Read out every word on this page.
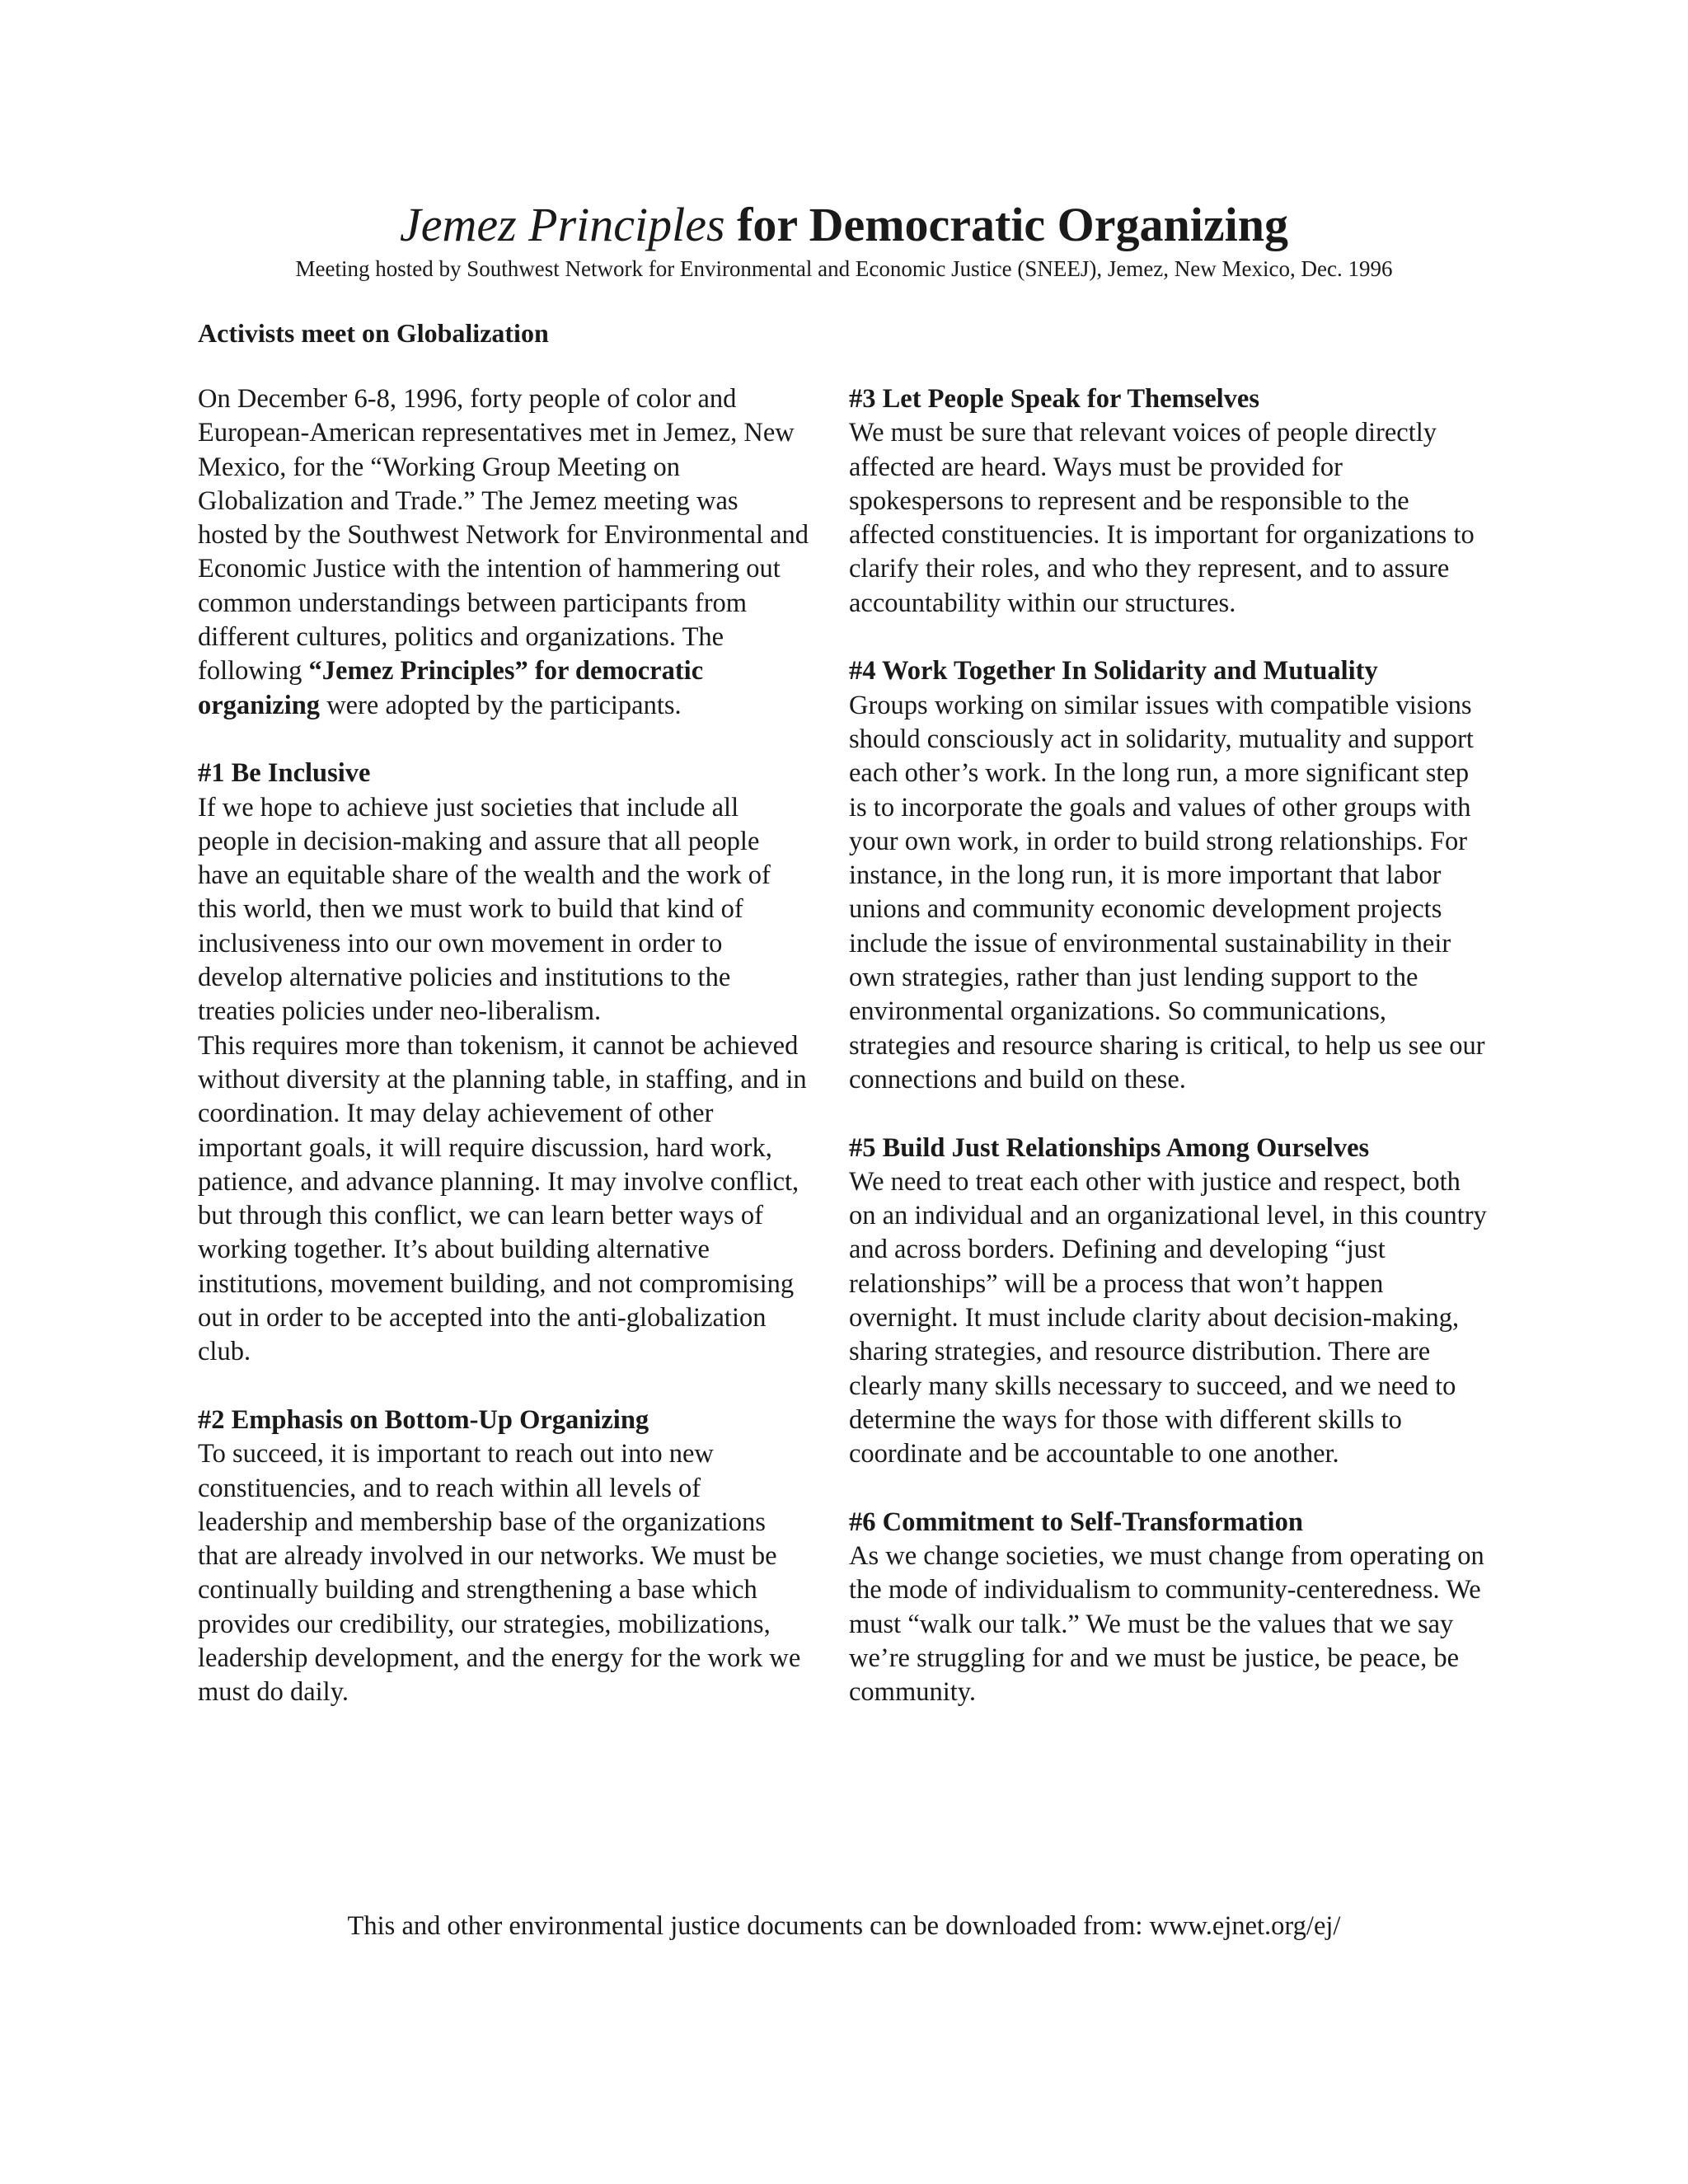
Jemez Principles for Democratic Organizing

Meeting hosted by Southwest Network for Environmental and Economic Justice (SNEEJ), Jemez, New Mexico, Dec. 1996

Activists meet on Globalization

On December 6-8, 1996, forty people of color and European-American representatives met in Jemez, New Mexico, for the “Working Group Meeting on Globalization and Trade.” The Jemez meeting was hosted by the Southwest Network for Environmental and Economic Justice with the intention of hammering out common understandings between participants from different cultures, politics and organizations. The following “Jemez Principles” for democratic organizing were adopted by the participants.

#1 Be Inclusive

If we hope to achieve just societies that include all people in decision-making and assure that all people have an equitable share of the wealth and the work of this world, then we must work to build that kind of inclusiveness into our own movement in order to develop alternative policies and institutions to the treaties policies under neo-liberalism.

This requires more than tokenism, it cannot be achieved without diversity at the planning table, in staffing, and in coordination. It may delay achievement of other important goals, it will require discussion, hard work, patience, and advance planning. It may involve conflict, but through this conflict, we can learn better ways of working together. It’s about building alternative institutions, movement building, and not compromising out in order to be accepted into the anti-globalization club.

#2 Emphasis on Bottom-Up Organizing

To succeed, it is important to reach out into new constituencies, and to reach within all levels of leadership and membership base of the organizations that are already involved in our networks. We must be continually building and strengthening a base which provides our credibility, our strategies, mobilizations, leadership development, and the energy for the work we must do daily.

#3 Let People Speak for Themselves

We must be sure that relevant voices of people directly affected are heard. Ways must be provided for spokespersons to represent and be responsible to the affected constituencies. It is important for organizations to clarify their roles, and who they represent, and to assure accountability within our structures.

#4 Work Together In Solidarity and Mutuality

Groups working on similar issues with compatible visions should consciously act in solidarity, mutuality and support each other’s work. In the long run, a more significant step is to incorporate the goals and values of other groups with your own work, in order to build strong relationships. For instance, in the long run, it is more important that labor unions and community economic development projects include the issue of environmental sustainability in their own strategies, rather than just lending support to the environmental organizations. So communications, strategies and resource sharing is critical, to help us see our connections and build on these.

#5 Build Just Relationships Among Ourselves

We need to treat each other with justice and respect, both on an individual and an organizational level, in this country and across borders. Defining and developing “just relationships” will be a process that won’t happen overnight. It must include clarity about decision-making, sharing strategies, and resource distribution. There are clearly many skills necessary to succeed, and we need to determine the ways for those with different skills to coordinate and be accountable to one another.

#6 Commitment to Self-Transformation

As we change societies, we must change from operating on the mode of individualism to community-centeredness. We must “walk our talk.” We must be the values that we say we’re struggling for and we must be justice, be peace, be community.

This and other environmental justice documents can be downloaded from: www.ejnet.org/ej/
